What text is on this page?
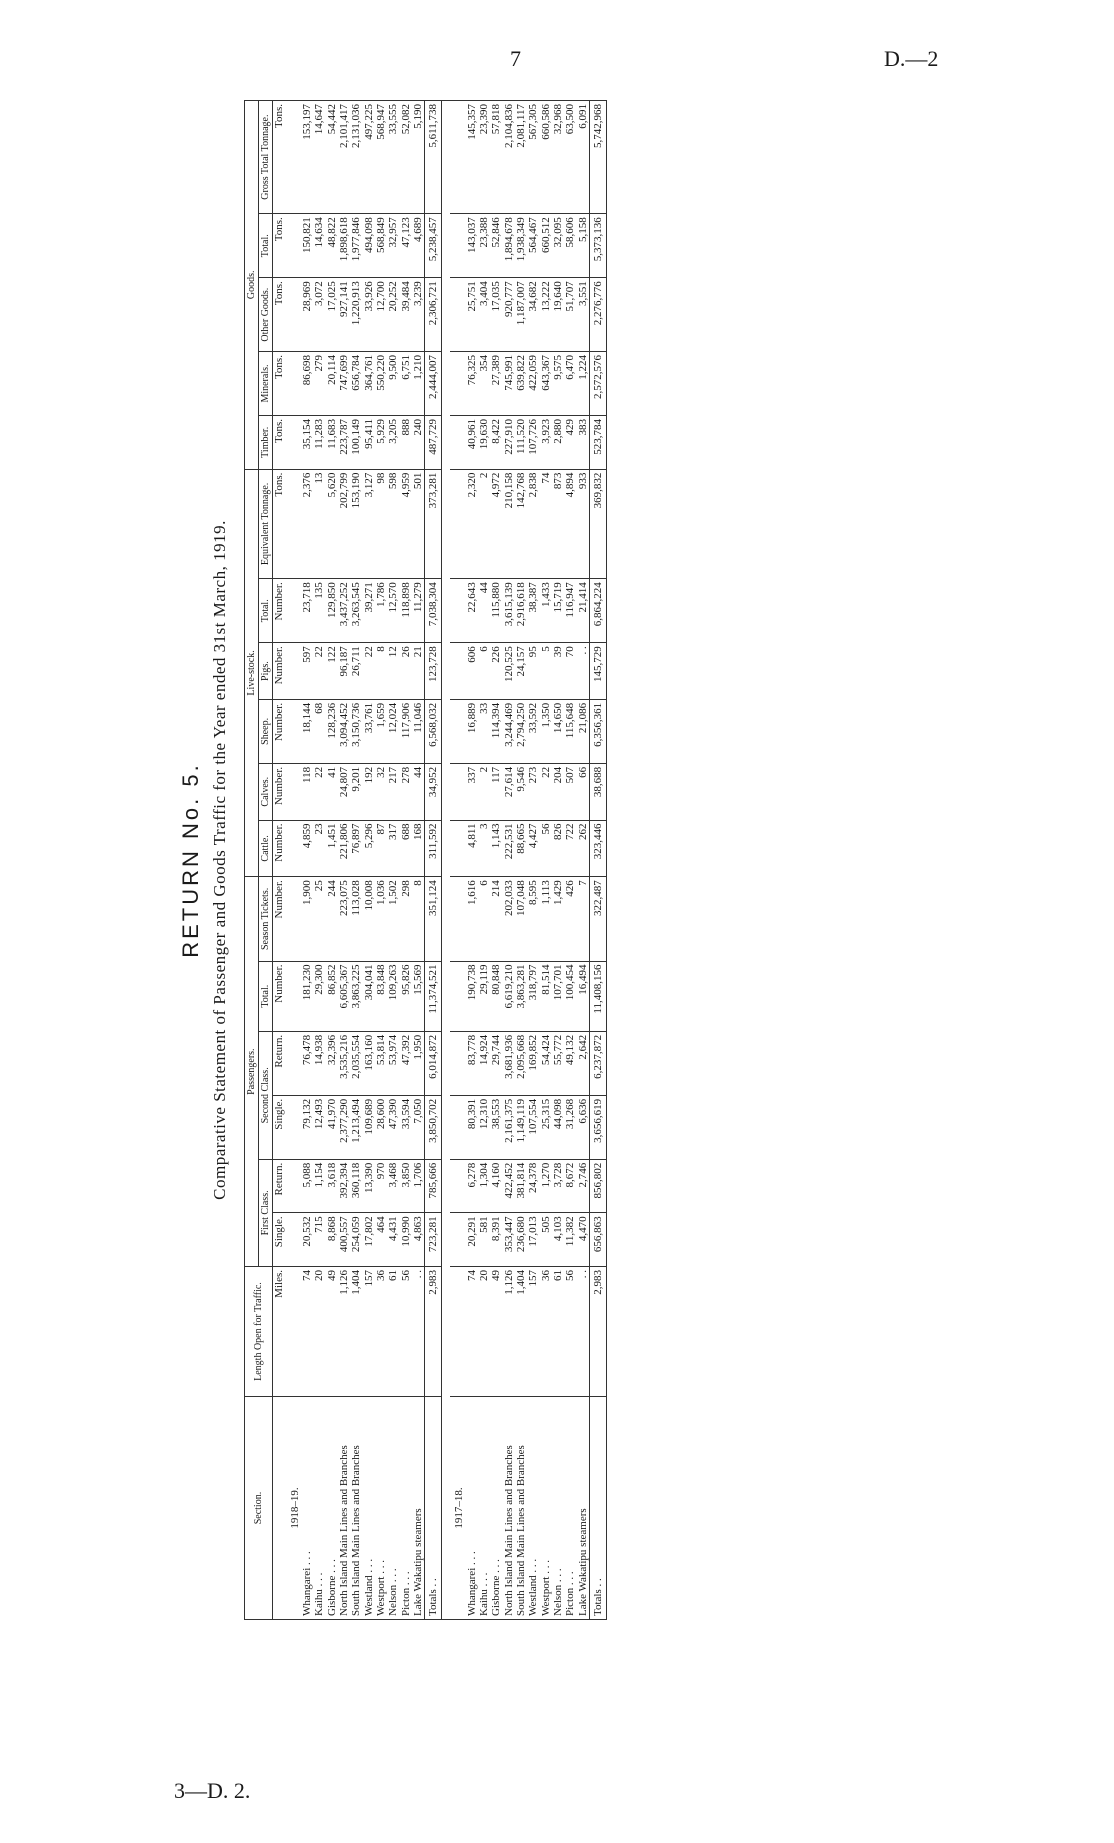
7	D.—2
3—D. 2.
RETURN No. 5. Comparative Statement of Passenger and Goods Traffic for the Year ended 31st March, 1919.
Section.	Length Open for Traffic.	Passengers.						Live-stock.						Goods.				
		First Class.		Second Class.		Total.	Season Tickets.	Cattle.	Calves.	Sheep.	Pigs.	Total.	Equivalent Tonnage.	Timber.	Minerals.	Other Goods.	Total.	Gross Total Tonnage.
	Miles.	Single.	Return.	Single.	Return.	Number.	Number.	Number.	Number.	Number.	Number.	Number.	Tons.	Tons.	Tons.	Tons.	Tons.	Tons.
1918–19.																		
Whangarei . . .	74	20,532	5,088	79,132	76,478	181,230	1,900	4,859	118	18,144	597	23,718	2,376	35,154	86,698	28,969	150,821	153,197
Kaihu . . .	20	715	1,154	12,493	14,938	29,300	25	23	22	68	22	135	13	11,283	279	3,072	14,634	14,647
Gisborne . . .	49	8,868	3,618	41,970	32,396	86,852	244	1,451	41	128,236	122	129,850	5,620	11,683	20,114	17,025	48,822	54,442
North Island Main Lines and Branches	1,126	400,557	392,394	2,377,290	3,535,216	6,605,367	223,075	221,806	24,807	3,094,452	96,187	3,437,252	202,799	223,787	747,699	927,141	1,898,618	2,101,417
South Island Main Lines and Branches	1,404	254,059	360,118	1,213,494	2,035,554	3,863,225	113,028	76,897	9,201	3,150,736	26,711	3,263,545	153,190	100,149	656,784	1,220,913	1,977,846	2,131,036
Westland . . .	157	17,802	13,390	109,689	163,160	304,041	10,008	5,296	192	33,761	22	39,271	3,127	95,411	364,761	33,926	494,098	497,225
Westport . . .	36	464	970	28,600	53,814	83,848	1,036	87	32	1,659	8	1,786	98	5,929	550,220	12,700	568,849	568,947
Nelson . . .	61	4,431	3,468	47,390	53,974	109,263	1,502	317	217	12,024	12	12,570	598	3,205	9,500	20,252	32,957	33,555
Picton . . .	56	10,990	3,850	33,594	47,392	95,826	298	688	278	117,906	26	118,898	4,959	888	6,751	39,484	47,123	52,082
Lake Wakatipu steamers	. .	4,863	1,706	7,050	1,950	15,569	8	168	44	11,046	21	11,279	501	240	1,210	3,239	4,689	5,190
Totals . .	2,983	723,281	785,666	3,850,702	6,014,872	11,374,521	351,124	311,592	34,952	6,568,032	123,728	7,038,304	373,281	487,729	2,444,007	2,306,721	5,238,457	5,611,738

1917–18.																		
Whangarei . . .	74	20,291	6,278	80,391	83,778	190,738	1,616	4,811	337	16,889	606	22,643	2,320	40,961	76,325	25,751	143,037	145,357
Kaihu . . .	20	581	1,304	12,310	14,924	29,119	6	3	2	33	6	44	2	19,630	354	3,404	23,388	23,390
Gisborne . . .	49	8,391	4,160	38,553	29,744	80,848	214	1,143	117	114,394	226	115,880	4,972	8,422	27,389	17,035	52,846	57,818
North Island Main Lines and Branches	1,126	353,447	422,452	2,161,375	3,681,936	6,619,210	202,033	222,531	27,614	3,244,469	120,525	3,615,139	210,158	227,910	745,991	920,777	1,894,678	2,104,836
South Island Main Lines and Branches	1,404	236,680	381,814	1,149,119	2,095,668	3,863,281	107,048	88,665	9,546	2,794,250	24,157	2,916,618	142,768	111,520	639,822	1,187,007	1,938,349	2,081,117
Westland . . .	157	17,013	24,378	107,554	169,852	318,797	8,595	4,427	273	33,592	95	38,387	2,838	107,726	422,059	34,682	564,467	567,305
Westport . . .	36	505	1,270	25,315	54,424	81,514	1,113	56	22	1,350	5	1,433	74	3,923	643,367	13,222	660,512	660,586
Nelson . . .	61	4,103	3,728	44,098	55,772	107,701	1,429	826	204	14,650	39	15,719	873	2,880	9,575	19,640	32,095	32,968
Picton . . .	56	11,382	8,672	31,268	49,132	100,454	426	722	507	115,648	70	116,947	4,894	429	6,470	51,707	58,606	63,500
Lake Wakatipu steamers	. .	4,470	2,746	6,636	2,642	16,494	7	262	66	21,086	. .	21,414	933	383	1,224	3,551	5,158	6,091
Totals . .	2,983	656,863	856,802	3,656,619	6,237,872	11,408,156	322,487	323,446	38,688	6,356,361	145,729	6,864,224	369,832	523,784	2,572,576	2,276,776	5,373,136	5,742,968
